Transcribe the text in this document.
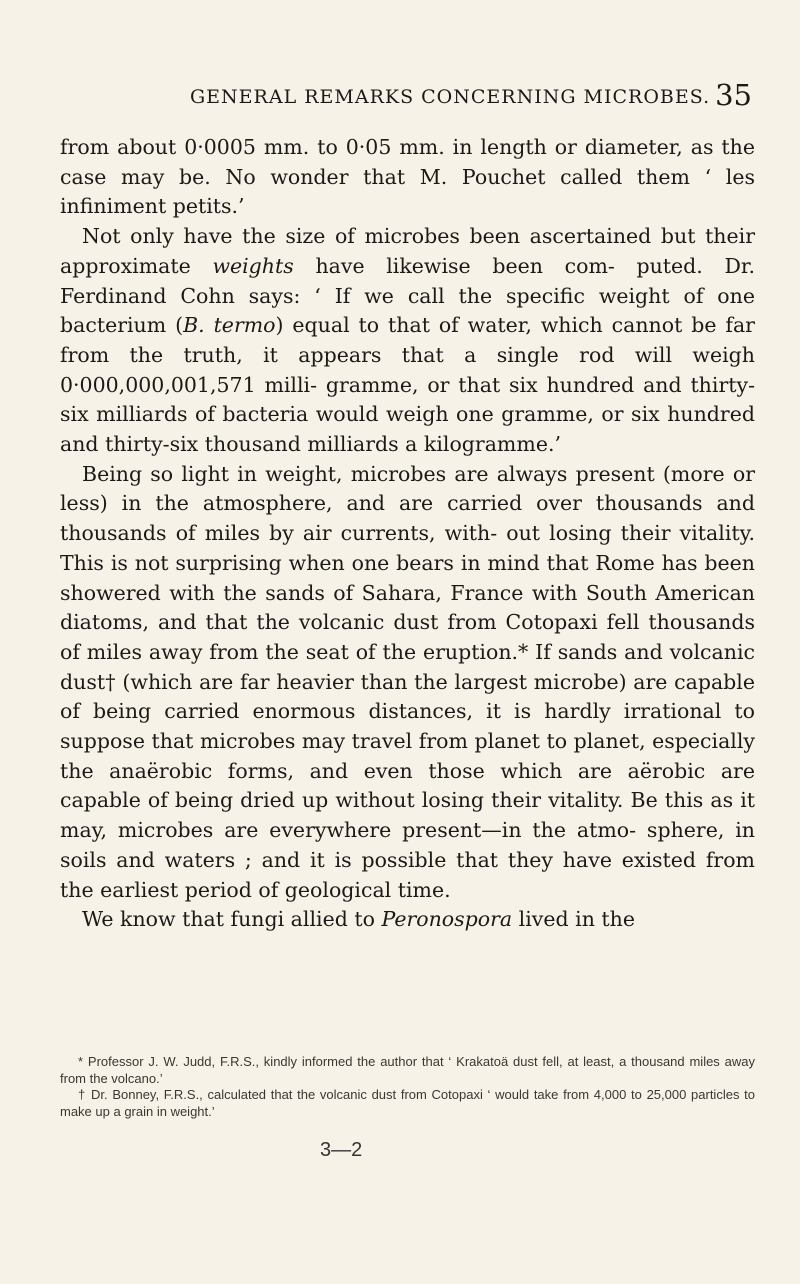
GENERAL REMARKS CONCERNING MICROBES. 35

from about 0·0005 mm. to 0·05 mm. in length or diameter, as the case may be. No wonder that M. Pouchet called them ‘ les infiniment petits.’

Not only have the size of microbes been ascertained but their approximate weights have likewise been com- puted. Dr. Ferdinand Cohn says: ‘ If we call the specific weight of one bacterium (B. termo) equal to that of water, which cannot be far from the truth, it appears that a single rod will weigh 0·000,000,001,571 milli- gramme, or that six hundred and thirty-six milliards of bacteria would weigh one gramme, or six hundred and thirty-six thousand milliards a kilogramme.’

Being so light in weight, microbes are always present (more or less) in the atmosphere, and are carried over thousands and thousands of miles by air currents, with- out losing their vitality. This is not surprising when one bears in mind that Rome has been showered with the sands of Sahara, France with South American diatoms, and that the volcanic dust from Cotopaxi fell thousands of miles away from the seat of the eruption.* If sands and volcanic dust† (which are far heavier than the largest microbe) are capable of being carried enormous distances, it is hardly irrational to suppose that microbes may travel from planet to planet, especially the anaërobic forms, and even those which are aërobic are capable of being dried up without losing their vitality. Be this as it may, microbes are everywhere present—in the atmo- sphere, in soils and waters ; and it is possible that they have existed from the earliest period of geological time.

We know that fungi allied to Peronospora lived in the

* Professor J. W. Judd, F.R.S., kindly informed the author that ‘ Krakatoä dust fell, at least, a thousand miles away from the volcano.’

† Dr. Bonney, F.R.S., calculated that the volcanic dust from Cotopaxi ‘ would take from 4,000 to 25,000 particles to make up a grain in weight.’

3—2
